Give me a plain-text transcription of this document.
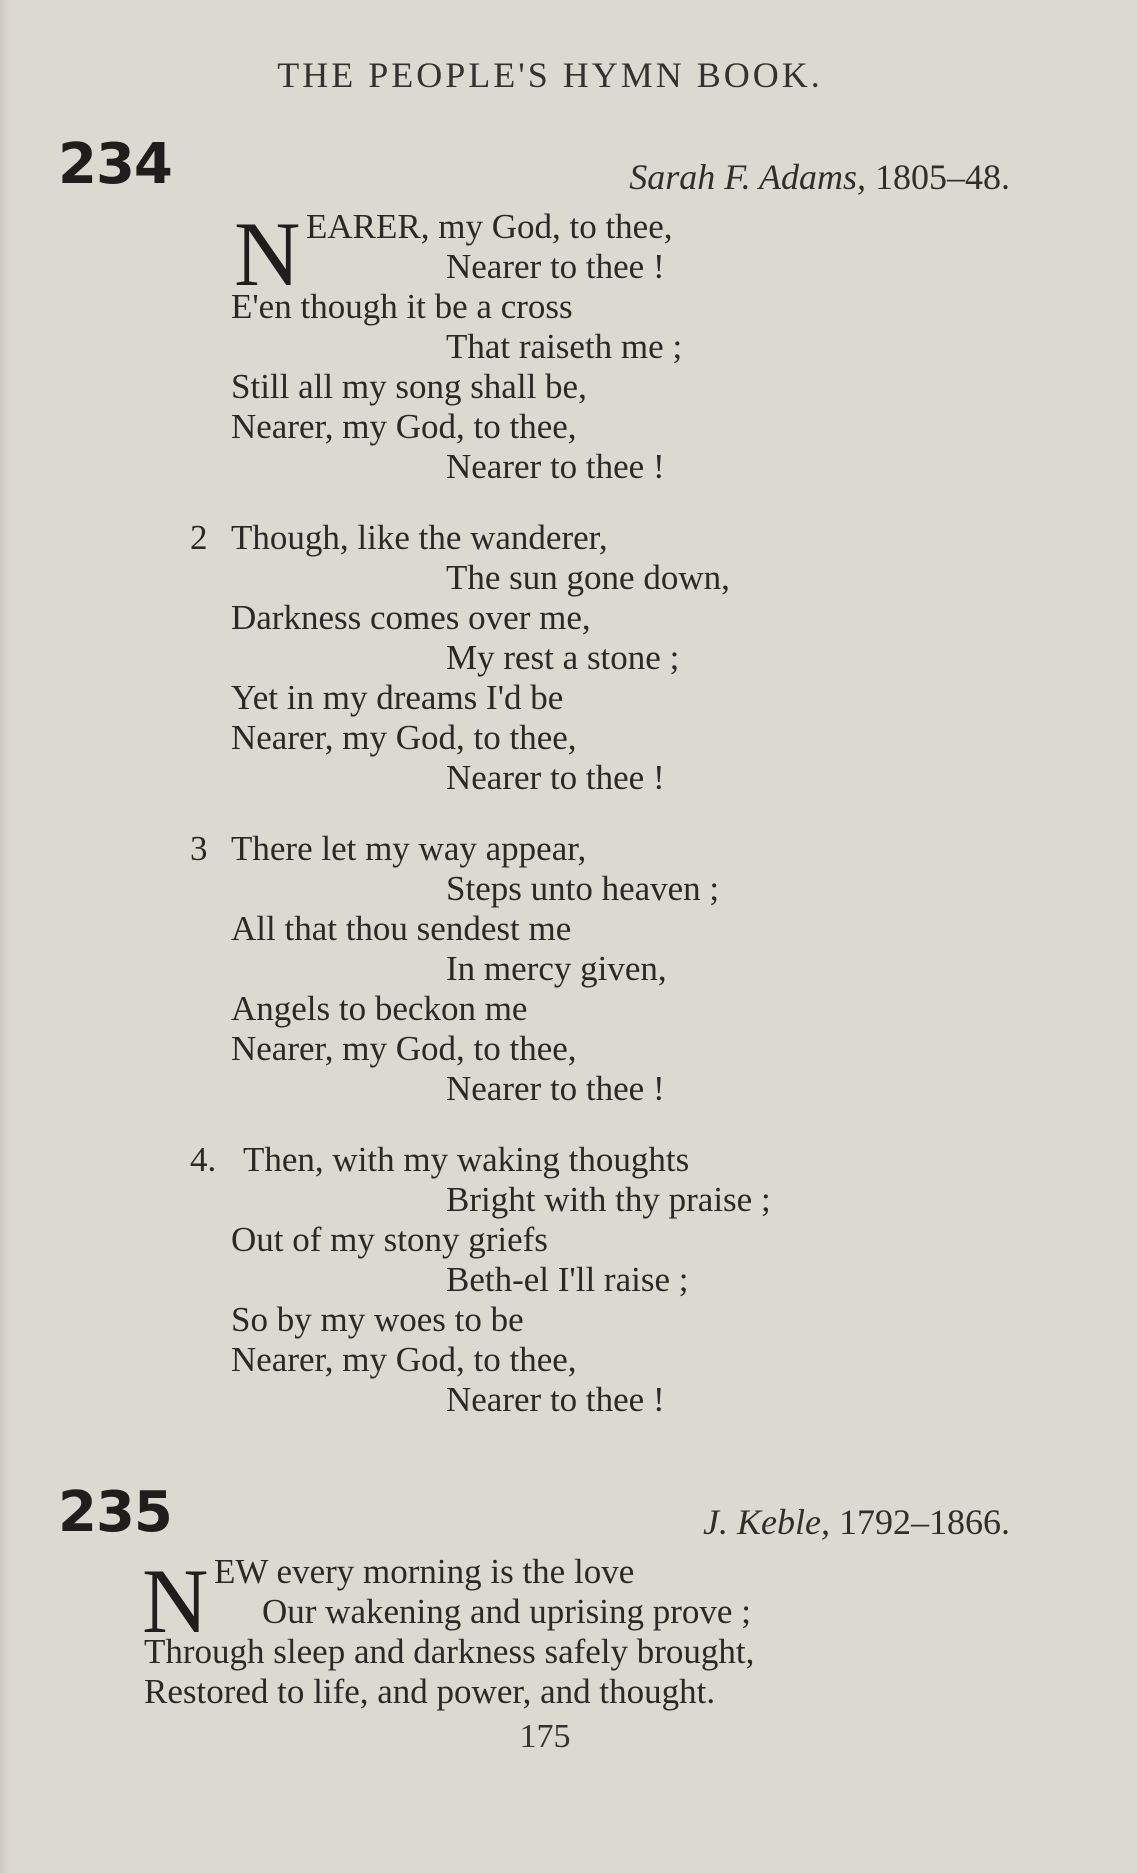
THE PEOPLE'S HYMN BOOK.
234	Sarah F. Adams, 1805–48.
N EARER, my God, to thee,
Nearer to thee !
E'en though it be a cross
That raiseth me ;
Still all my song shall be,
Nearer, my God, to thee,
Nearer to thee !
2 Though, like the wanderer,
The sun gone down,
Darkness comes over me,
My rest a stone ;
Yet in my dreams I'd be
Nearer, my God, to thee,
Nearer to thee !
3 There let my way appear,
Steps unto heaven ;
All that thou sendest me
In mercy given,
Angels to beckon me
Nearer, my God, to thee,
Nearer to thee !
4. Then, with my waking thoughts
Bright with thy praise ;
Out of my stony griefs
Beth-el I'll raise ;
So by my woes to be
Nearer, my God, to thee,
Nearer to thee !
235	J. Keble, 1792–1866.
N EW every morning is the love
Our wakening and uprising prove ;
Through sleep and darkness safely brought,
Restored to life, and power, and thought.
175
